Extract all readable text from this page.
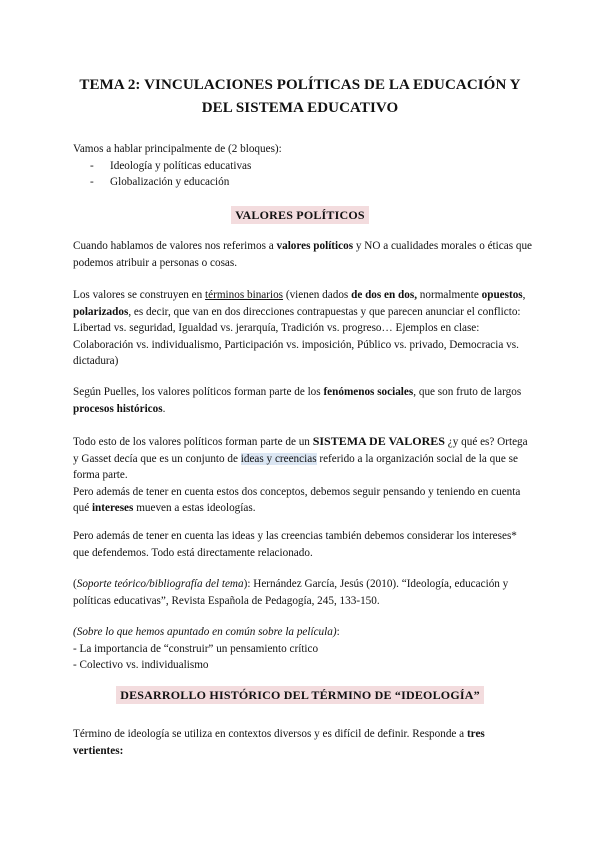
TEMA 2: VINCULACIONES POLÍTICAS DE LA EDUCACIÓN Y
DEL SISTEMA EDUCATIVO

Vamos a hablar principalmente de (2 bloques):

- Ideología y políticas educativas
- Globalización y educación
VALORES POLÍTICOS

Cuando hablamos de valores nos referimos a valores políticos y NO a cualidades morales o éticas que podemos atribuir a personas o cosas.

Los valores se construyen en términos binarios (vienen dados de dos en dos, normalmente opuestos, polarizados, es decir, que van en dos direcciones contrapuestas y que parecen anunciar el conflicto: Libertad vs. seguridad, Igualdad vs. jerarquía, Tradición vs. progreso… Ejemplos en clase: Colaboración vs. individualismo, Participación vs. imposición, Público vs. privado, Democracia vs. dictadura)

Según Puelles, los valores políticos forman parte de los fenómenos sociales, que son fruto de largos procesos históricos.

Todo esto de los valores políticos forman parte de un SISTEMA DE VALORES ¿y qué es? Ortega y Gasset decía que es un conjunto de ideas y creencias referido a la organización social de la que se forma parte.

Pero además de tener en cuenta estos dos conceptos, debemos seguir pensando y teniendo en cuenta qué intereses mueven a estas ideologías.

Pero además de tener en cuenta las ideas y las creencias también debemos considerar los intereses* que defendemos. Todo está directamente relacionado.

(Soporte teórico/bibliografía del tema): Hernández García, Jesús (2010). “Ideología, educación y políticas educativas”, Revista Española de Pedagogía, 245, 133-150.

(Sobre lo que hemos apuntado en común sobre la película):

- La importancia de “construir” un pensamiento crítico

- Colectivo vs. individualismo

DESARROLLO HISTÓRICO DEL TÉRMINO DE “IDEOLOGÍA”

Término de ideología se utiliza en contextos diversos y es difícil de definir. Responde a tres vertientes:
